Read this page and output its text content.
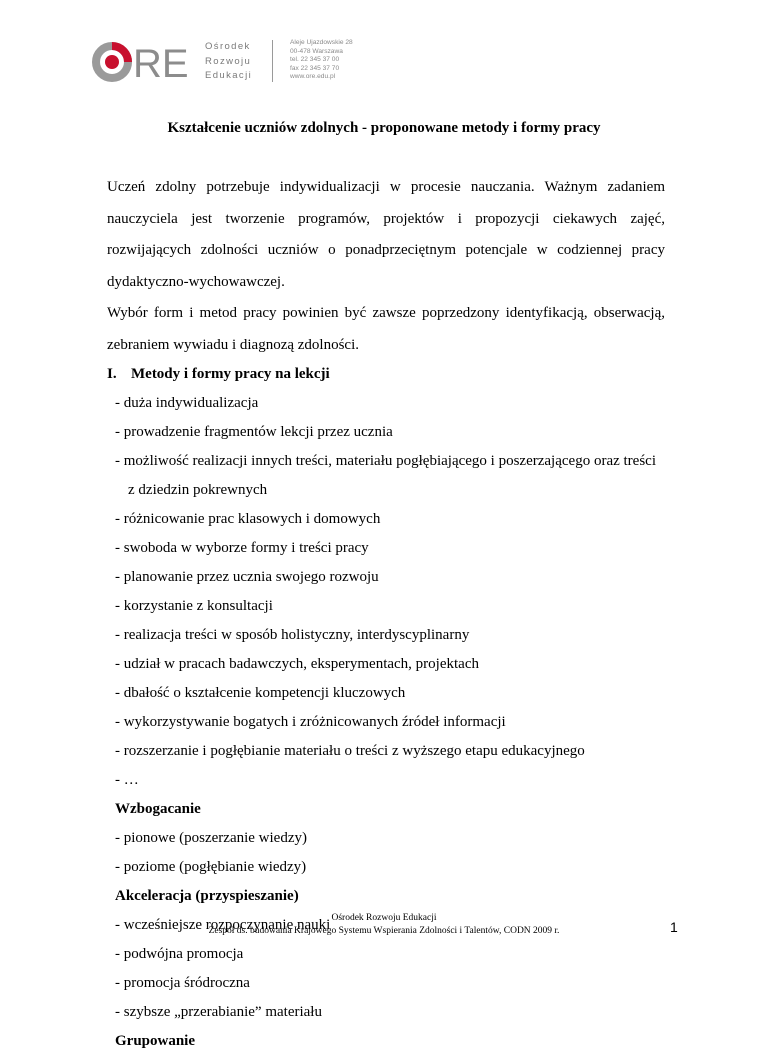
RE Ośrodek
Rozwoju
Edukacji
Aleje Ujazdowskie 28
00-478 Warszawa
tel. 22 345 37 00
fax 22 345 37 70
www.ore.edu.pl
Kształcenie uczniów zdolnych - proponowane metody i formy pracy
Uczeń zdolny potrzebuje indywidualizacji w procesie nauczania. Ważnym zadaniem
nauczyciela jest tworzenie programów, projektów i propozycji ciekawych zajęć,
rozwijających zdolności uczniów o ponadprzeciętnym potencjale w codziennej pracy
dydaktyczno-wychowawczej.
Wybór form i metod pracy powinien być zawsze poprzedzony identyfikacją, obserwacją,
zebraniem wywiadu i diagnozą zdolności.
I. Metody i formy pracy na lekcji
- duża indywidualizacja
- prowadzenie fragmentów lekcji przez ucznia
- możliwość realizacji innych treści, materiału pogłębiającego i poszerzającego oraz treści
z dziedzin pokrewnych
- różnicowanie prac klasowych i domowych
- swoboda w wyborze formy i treści pracy
- planowanie przez ucznia swojego rozwoju
- korzystanie z konsultacji
- realizacja treści w sposób holistyczny, interdyscyplinarny
- udział w pracach badawczych, eksperymentach, projektach
- dbałość o kształcenie kompetencji kluczowych
- wykorzystywanie bogatych i zróżnicowanych źródeł informacji
- rozszerzanie i pogłębianie materiału o treści z wyższego etapu edukacyjnego
- …
Wzbogacanie
- pionowe (poszerzanie wiedzy)
- poziome (pogłębianie wiedzy)
Akceleracja (przyspieszanie)
- wcześniejsze rozpoczynanie nauki
- podwójna promocja
- promocja śródroczna
- szybsze „przerabianie” materiału
Grupowanie
Ośrodek Rozwoju Edukacji
Zespół ds. budowania Krajowego Systemu Wspierania Zdolności i Talentów, CODN 2009 r.	1
